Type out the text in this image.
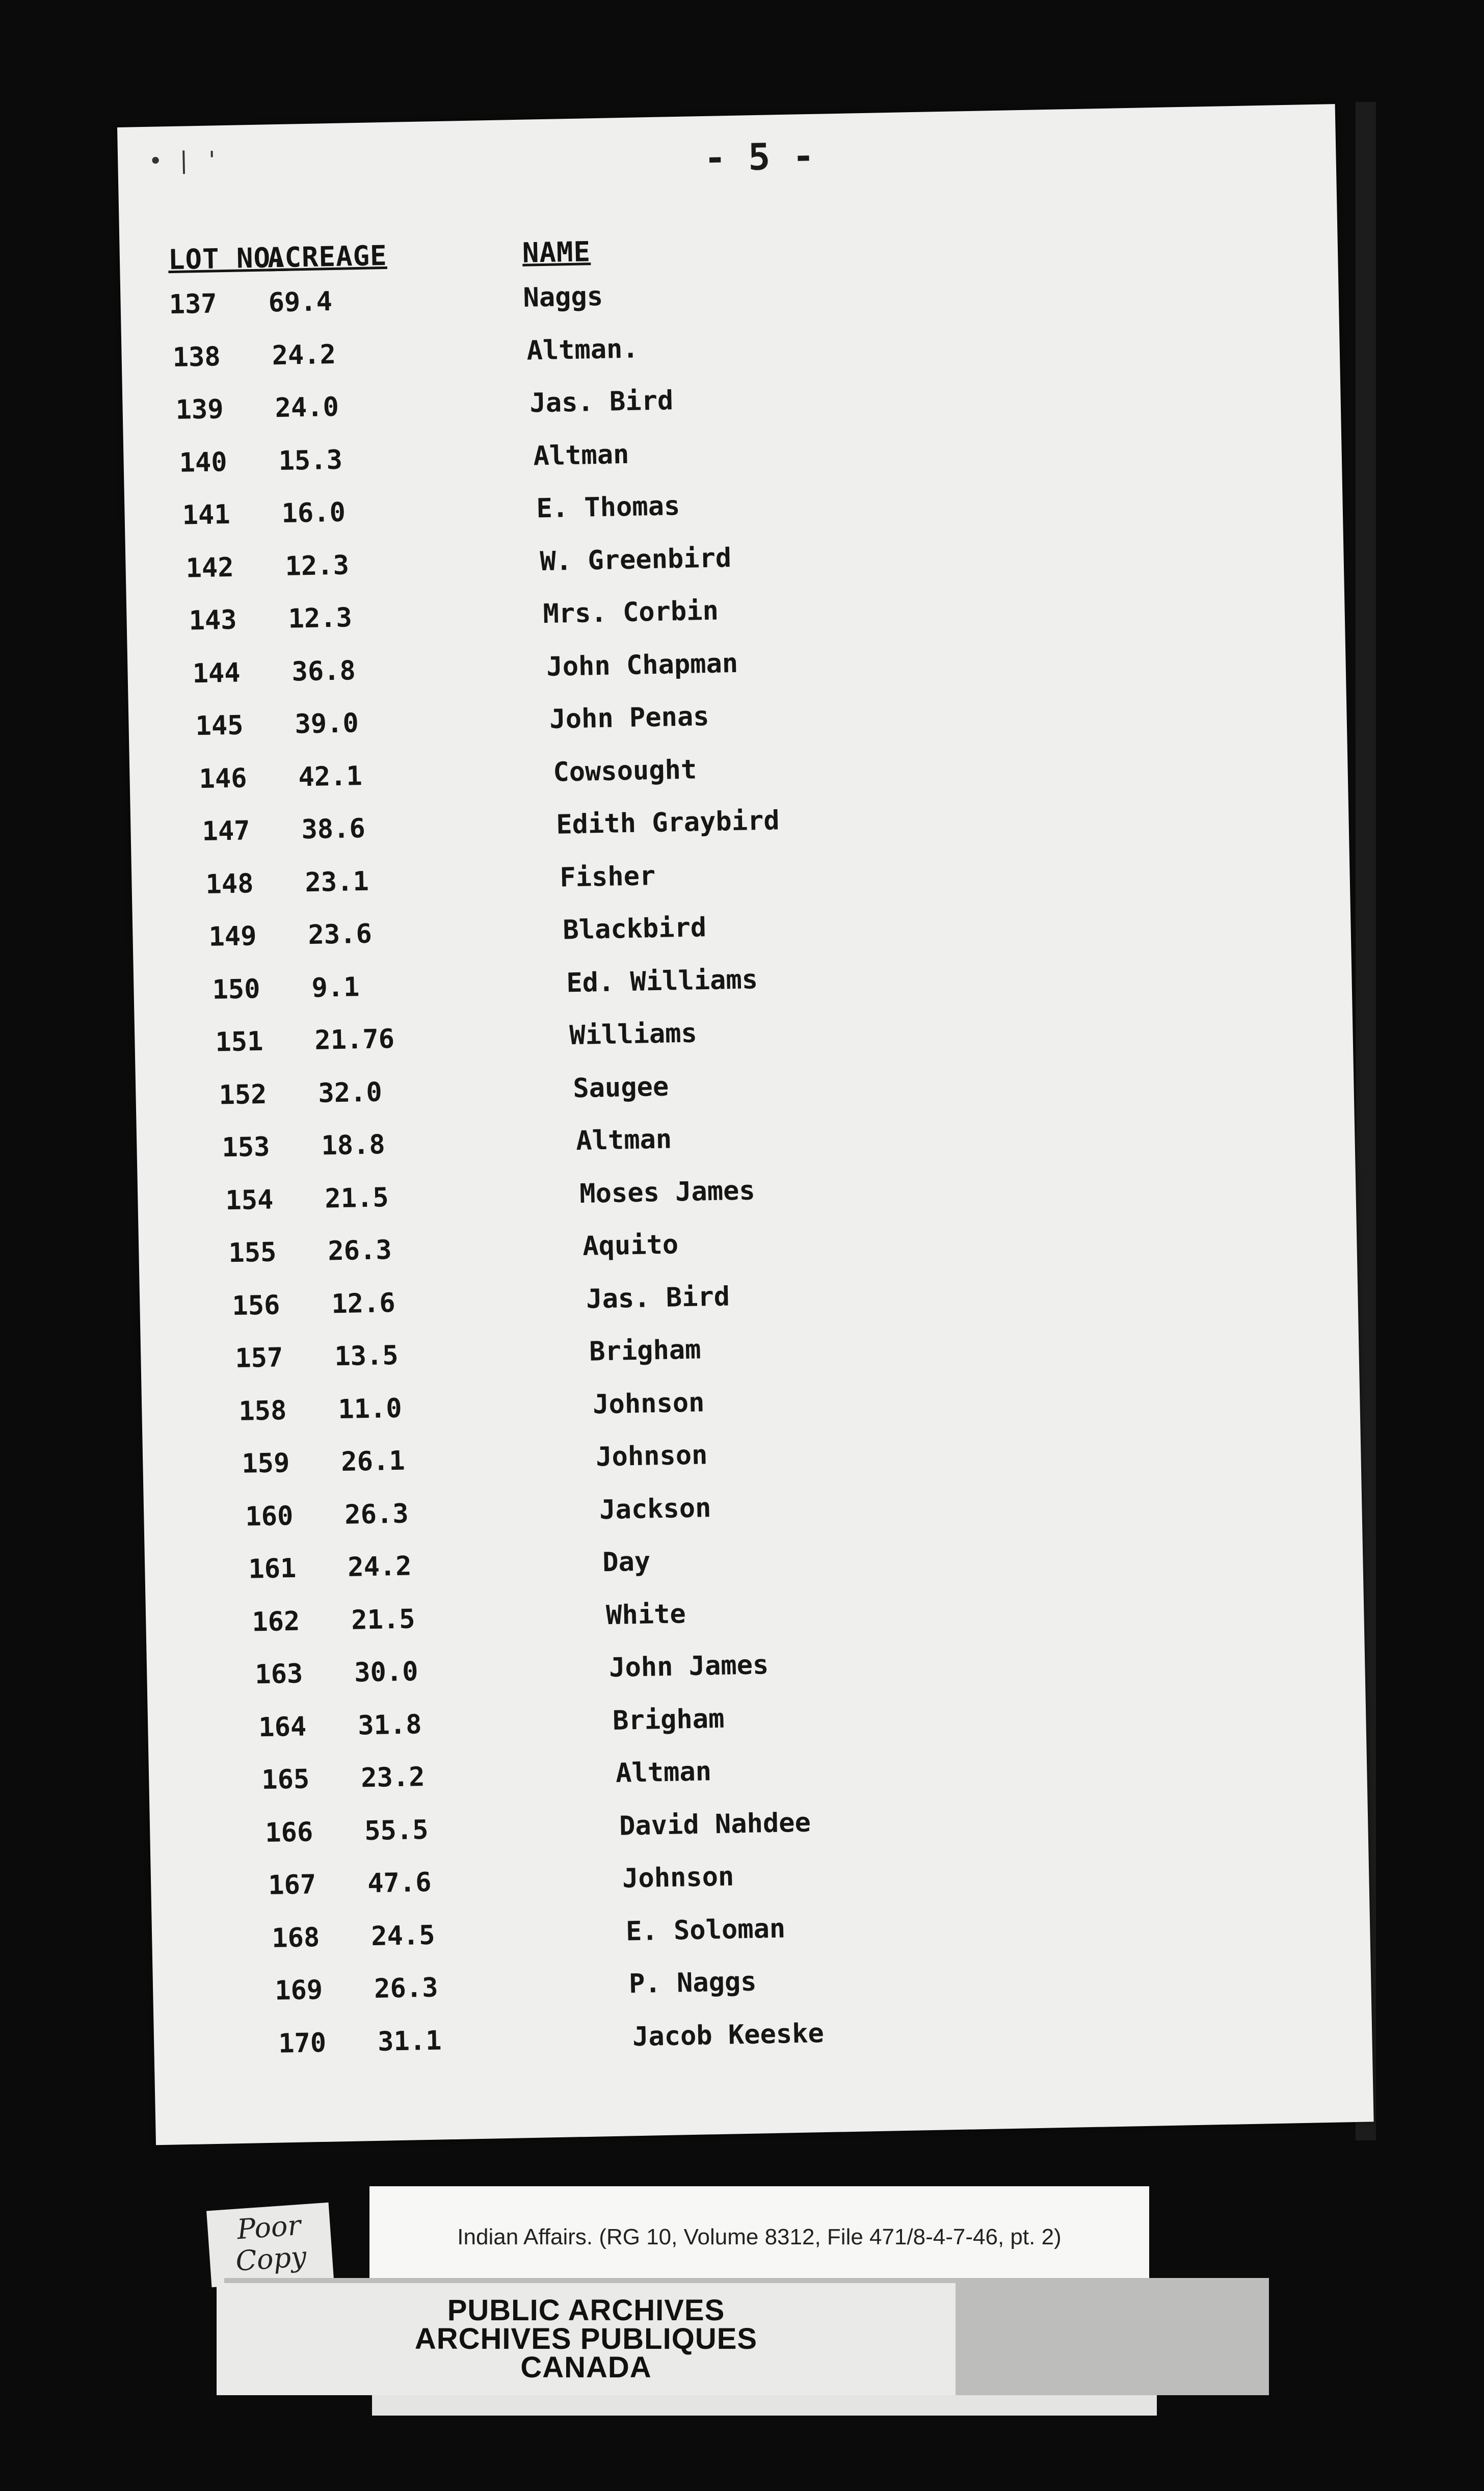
• | '	- 5 -
LOT NO.
ACREAGE	NAME
137 69.4	Naggs
138 24.2	Altman.
139 24.0	Jas. Bird
140 15.3	Altman
141 16.0	E. Thomas
142 12.3	W. Greenbird
143 12.3	Mrs. Corbin
144 36.8	John Chapman
145 39.0	John Penas
146 42.1	Cowsought
147 38.6	Edith Graybird
148 23.1	Fisher
149 23.6	Blackbird
150 9.1	Ed. Williams
151 21.76	Williams
152 32.0	Saugee
153 18.8	Altman
154 21.5	Moses James
155 26.3	Aquito
156 12.6	Jas. Bird
157 13.5	Brigham
158 11.0	Johnson
159 26.1	Johnson
160 26.3	Jackson
161 24.2	Day
162 21.5	White
163 30.0	John James
164 31.8	Brigham
165 23.2	Altman
166 55.5	David Nahdee
167 47.6	Johnson
168 24.5	E. Soloman
169 26.3	P. Naggs
170 31.1	Jacob Keeske
Poor
Copy
Indian Affairs. (RG 10, Volume 8312, File 471/8-4-7-46, pt. 2)
PUBLIC ARCHIVES
ARCHIVES PUBLIQUES
CANADA
